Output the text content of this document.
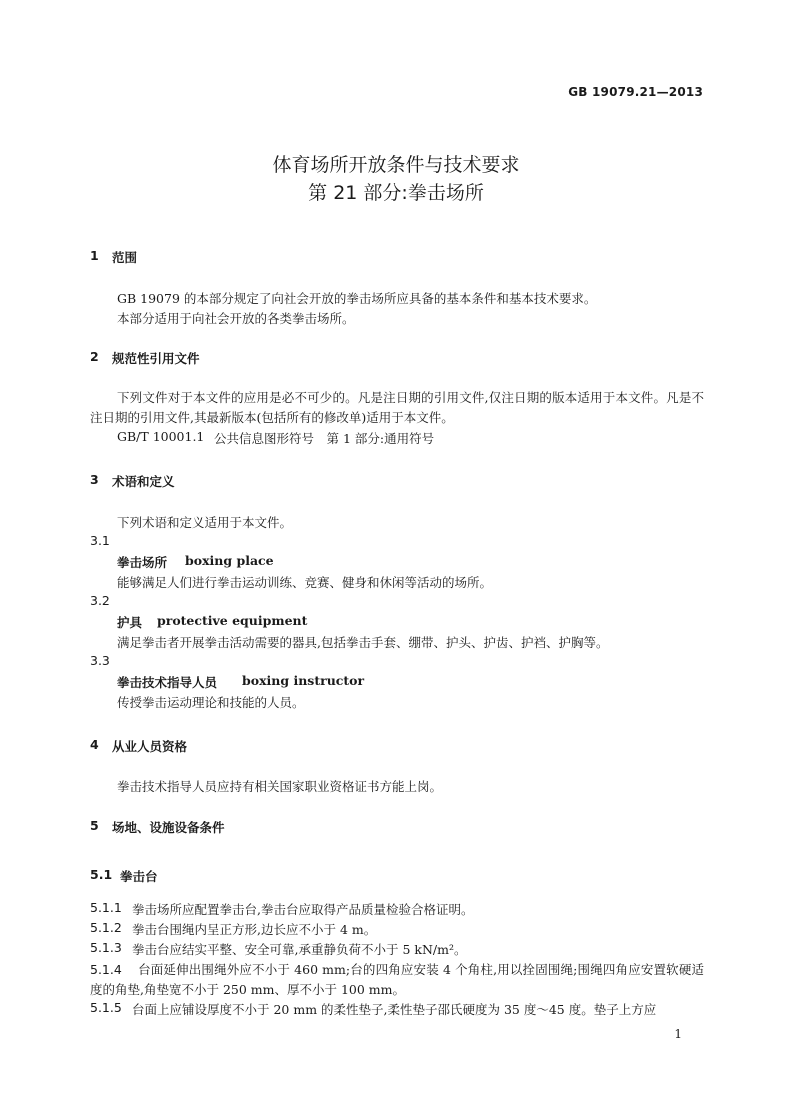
GB 19079.21—2013
体育场所开放条件与技术要求
第 21 部分:拳击场所
1 范围
GB 19079 的本部分规定了向社会开放的拳击场所应具备的基本条件和基本技术要求。
本部分适用于向社会开放的各类拳击场所。
2 规范性引用文件
下列文件对于本文件的应用是必不可少的。凡是注日期的引用文件,仅注日期的版本适用于本文件。凡是不注日期的引用文件,其最新版本(包括所有的修改单)适用于本文件。
GB/T 10001.1 公共信息图形符号　第 1 部分:通用符号
3 术语和定义
下列术语和定义适用于本文件。
3.1
拳击场所 boxing place
能够满足人们进行拳击运动训练、竞赛、健身和休闲等活动的场所。
3.2
护具 protective equipment
满足拳击者开展拳击活动需要的器具,包括拳击手套、绷带、护头、护齿、护裆、护胸等。
3.3
拳击技术指导人员 boxing instructor
传授拳击运动理论和技能的人员。
4 从业人员资格
拳击技术指导人员应持有相关国家职业资格证书方能上岗。
5 场地、设施设备条件
5.1 拳击台
5.1.1 拳击场所应配置拳击台,拳击台应取得产品质量检验合格证明。
5.1.2 拳击台围绳内呈正方形,边长应不小于 4 m。
5.1.3 拳击台应结实平整、安全可靠,承重静负荷不小于 5 kN/m²。
5.1.4 台面延伸出围绳外应不小于 460 mm;台的四角应安装 4 个角柱,用以拴固围绳;围绳四角应安置软硬适度的角垫,角垫宽不小于 250 mm、厚不小于 100 mm。
5.1.5 台面上应铺设厚度不小于 20 mm 的柔性垫子,柔性垫子邵氏硬度为 35 度～45 度。垫子上方应
1
